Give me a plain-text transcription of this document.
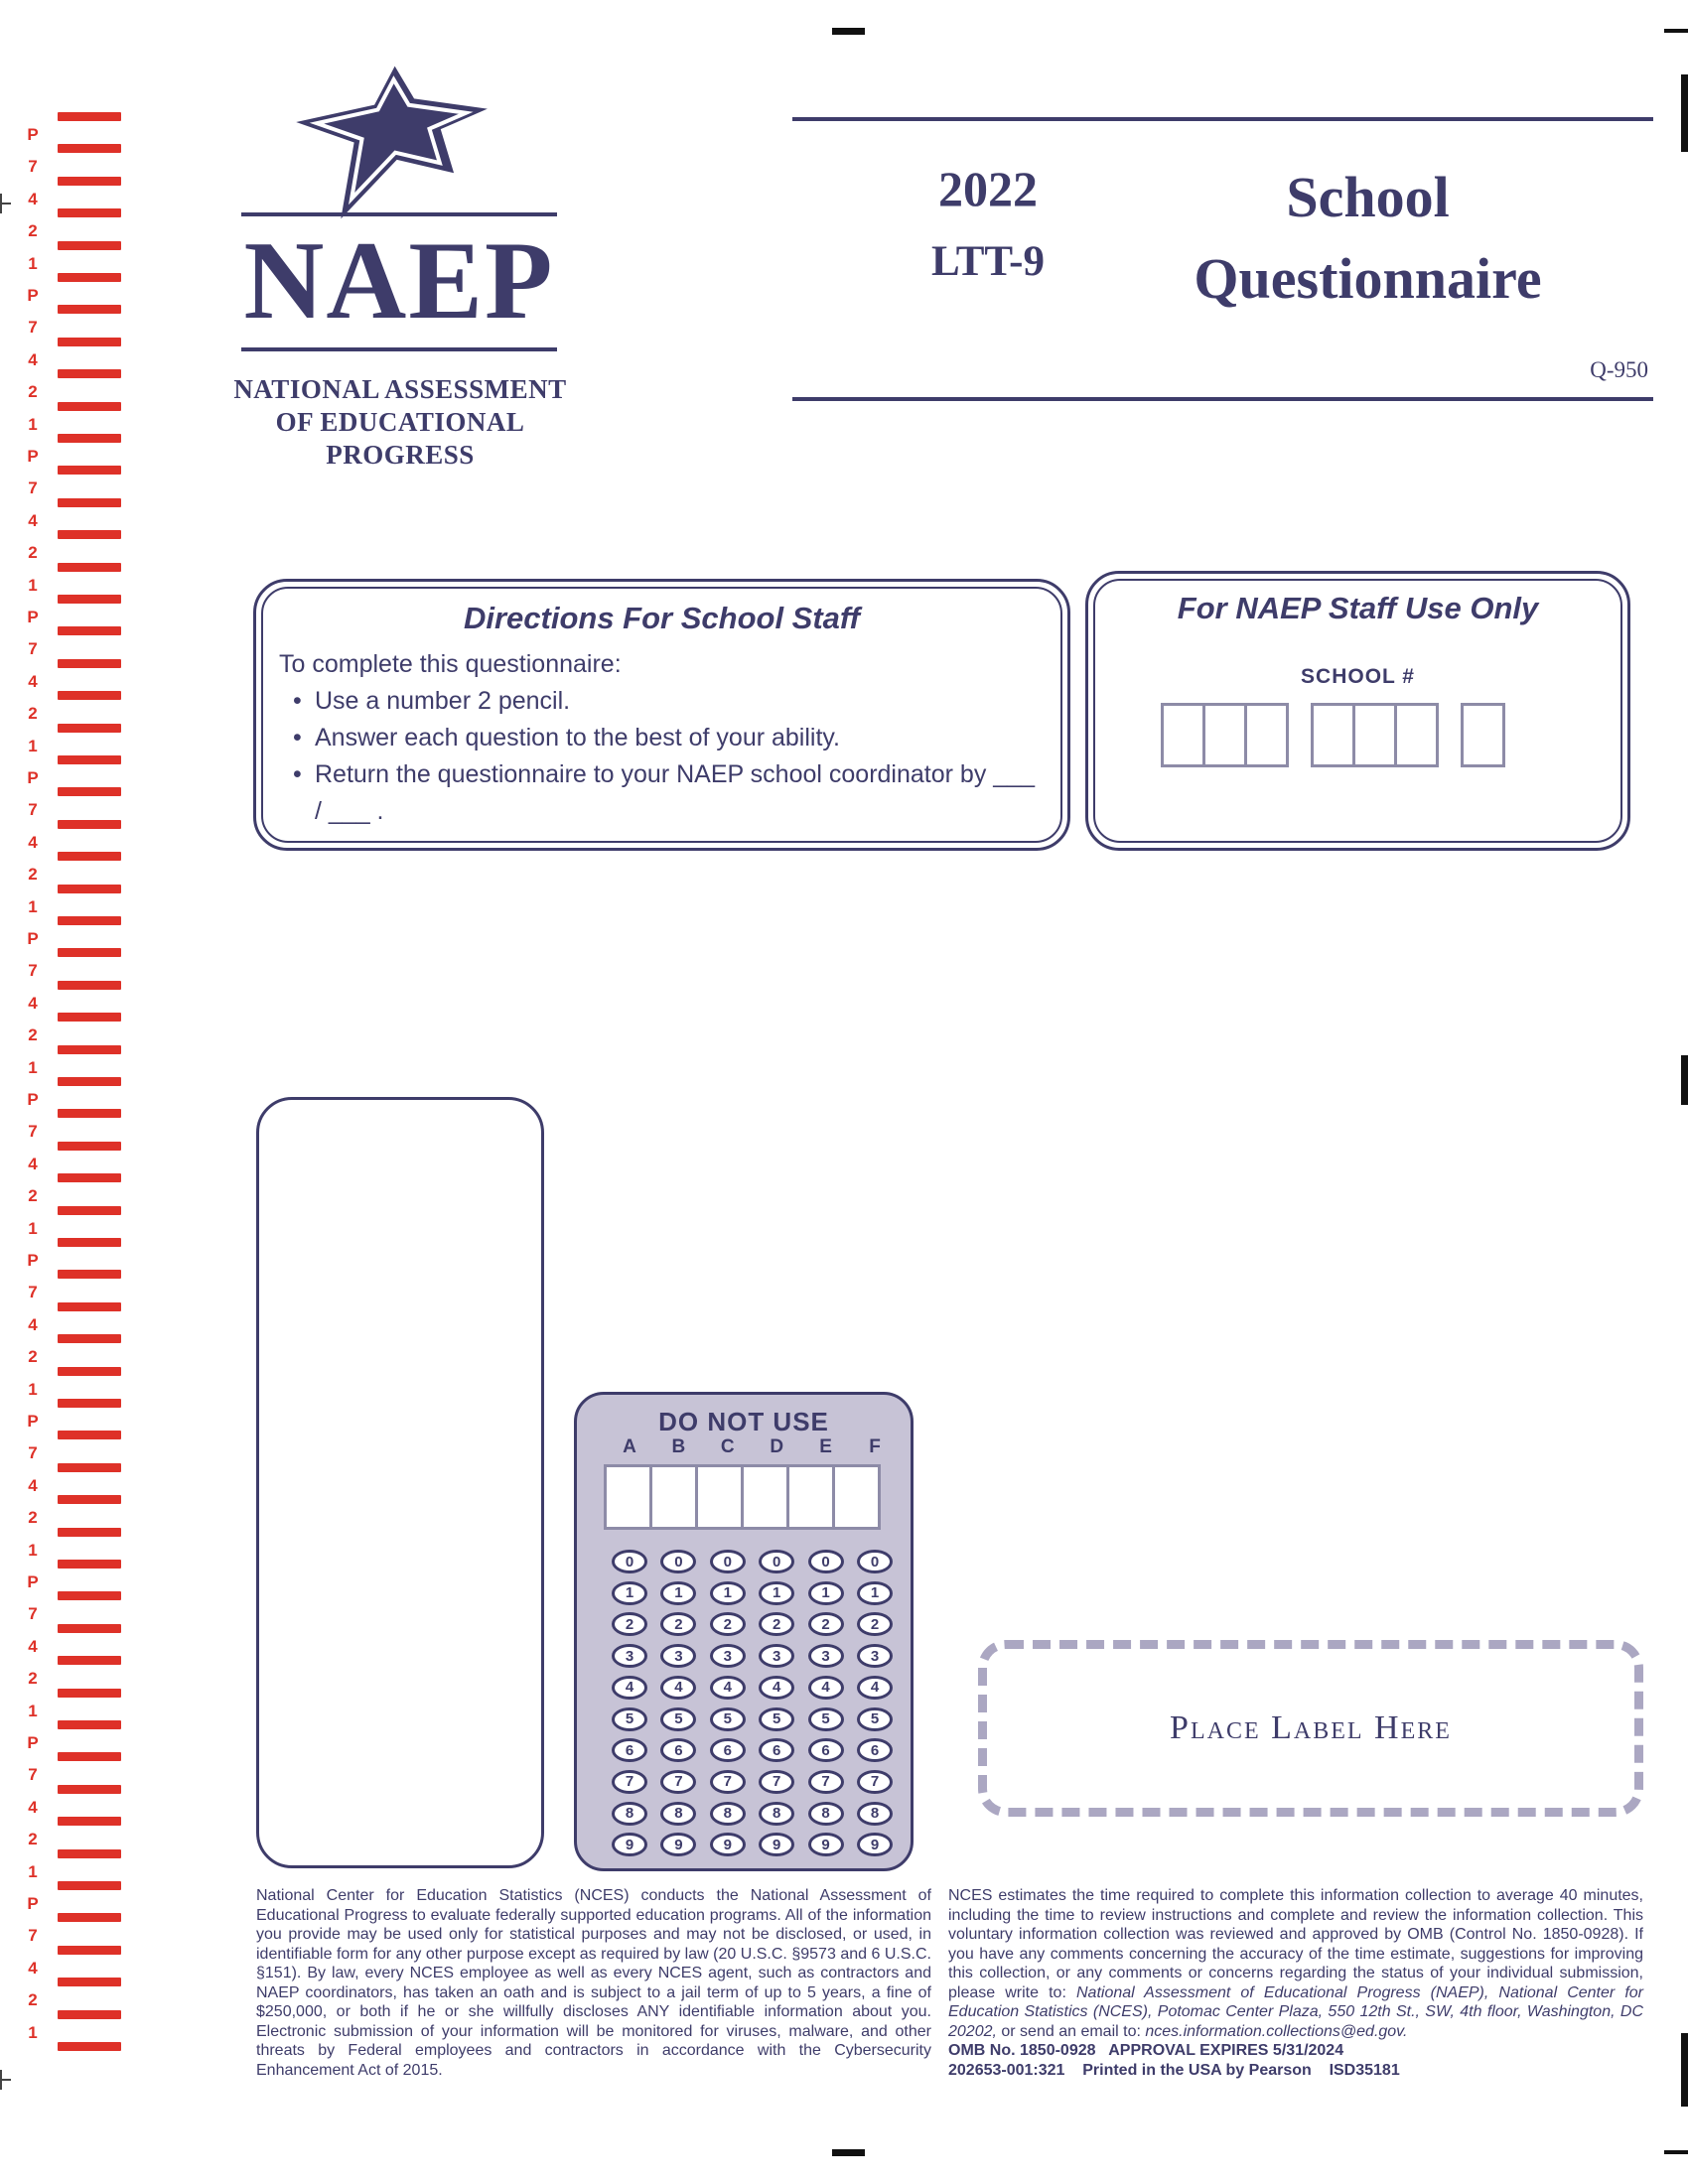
P
7
4
2
1
P
7
4
2
1
P
7
4
2
1
P
7
4
2
1
P
7
4
2
1
P
7
4
2
1
P
7
4
2
1
P
7
4
2
1
P
7
4
2
1
P
7
4
2
1
P
7
4
2
1
P
7
4
2
1
NAEP
NATIONAL ASSESSMENT
OF EDUCATIONAL
PROGRESS
2022
LTT-9
School
Questionnaire
Q-950
Directions For School Staff
To complete this questionnaire:
• Use a number 2 pencil.
• Answer each question to the best of your ability.
• Return the questionnaire to your NAEP school coordinator by ___ / ___ .
For NAEP Staff Use Only
SCHOOL #
DO NOT USE
A	B	C	D	E	F
0	0	0	0	0	0
1	1	1	1	1	1
2	2	2	2	2	2
3	3	3	3	3	3
4	4	4	4	4	4
5	5	5	5	5	5
6	6	6	6	6	6
7	7	7	7	7	7
8	8	8	8	8	8
9	9	9	9	9	9
Place Label Here
National Center for Education Statistics (NCES) conducts the National Assessment of Educational Progress to evaluate federally supported education programs. All of the information you provide may be used only for statistical purposes and may not be disclosed, or used, in identifiable form for any other purpose except as required by law (20 U.S.C. §9573 and 6 U.S.C. §151). By law, every NCES employee as well as every NCES agent, such as contractors and NAEP coordinators, has taken an oath and is subject to a jail term of up to 5 years, a fine of $250,000, or both if he or she willfully discloses ANY identifiable information about you. Electronic submission of your information will be monitored for viruses, malware, and other threats by Federal employees and contractors in accordance with the Cybersecurity Enhancement Act of 2015.
NCES estimates the time required to complete this information collection to average 40 minutes, including the time to review instructions and complete and review the information collection. This voluntary information collection was reviewed and approved by OMB (Control No. 1850-0928). If you have any comments concerning the accuracy of the time estimate, suggestions for improving this collection, or any comments or concerns regarding the status of your individual submission, please write to: National Assessment of Educational Progress (NAEP), National Center for Education Statistics (NCES), Potomac Center Plaza, 550 12th St., SW, 4th floor, Washington, DC 20202, or send an email to: nces.information.collections@ed.gov.
OMB No. 1850-0928   APPROVAL EXPIRES 5/31/2024
202653-001:321    Printed in the USA by Pearson    ISD35181
